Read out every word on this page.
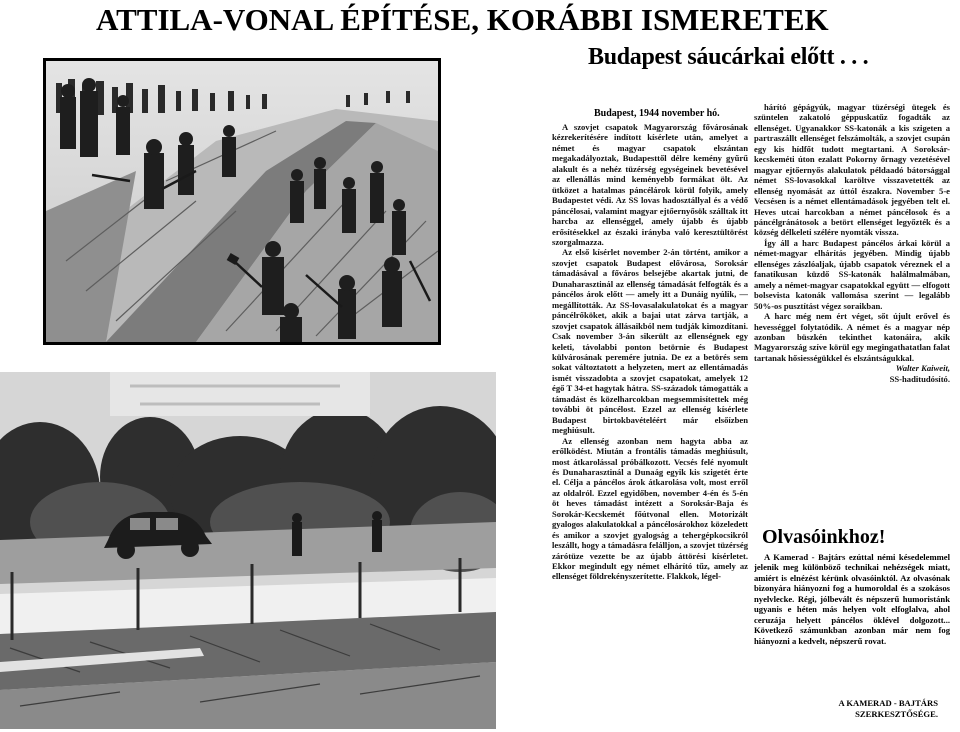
ATTILA-VONAL ÉPÍTÉSE, KORÁBBI ISMERETEK
Budapest sáucárkai előtt . . .
Budapest, 1944 november hó.

A szovjet csapatok Magyarország fővárosának kézrekerítésére indított kísérlete után, amelyet a német és magyar csapatok elszántan megakadályoztak, Budapesttől délre kemény gyűrű alakult és a nehéz tüzérség egységeinek bevetésével az ellenállás mind keményebb formákat ölt. Az ütközet a hatalmas páncélárok körül folyik, amely Budapestet védi. Az SS lovas hadosztállyal és a védő páncélosai, valamint magyar ejtőernyősök szálltak itt harcba az ellenséggel, amely újabb és újabb erősítésekkel az északi irányba való keresztültörést szorgalmazza.

Az első kísérlet november 2-án történt, amikor a szovjet csapatok Budapest elővárosa, Soroksár támadásával a főváros belsejébe akartak jutni, de Dunaharasztinál az ellenség támadását felfogták és a páncélos árok előtt — amely itt a Dunáig nyúlik, — megállították. Az SS-lovasalakulatokat és a magyar páncélrőköket, akik a bajai utat zárva tartják, a szovjet csapatok állásaikból nem tudják kimozdítani. Csak november 3-án sikerült az ellenségnek egy keleti, távolabbi ponton betörnie és Budapest külvárosának peremére jutnia. De ez a betörés sem sokat változtatott a helyzeten, mert az ellentámadás ismét visszadobta a szovjet csapatokat, amelyek 12 égő T 34-et hagytak hátra. SS-századok támogatták a támadást és közelharcokban megsemmisítettek még további öt páncélost. Ezzel az ellenség kísérlete Budapest birtokbavételéért már elsőízben meghiúsult.

Az ellenség azonban nem hagyta abba az erőlködést. Miután a frontális támadás meghiúsult, most átkarolással próbálkozott. Vecsés felé nyomult és Dunaharasztinál a Dunaág egyik kis szigetét érte el. Célja a páncélos árok átkarolása volt, most erről az oldalról. Ezzel egyidőben, november 4-én és 5-én öt heves támadást intézett a Soroksár-Baja és Sorokár-Kecskemét főútvonal ellen. Motorizált gyalogos alakulatokkal a páncélosárokhoz közeledett és amikor a szovjet gyalogság a tehergépkocsikról leszállt, hogy a támadásra felálljon, a szovjet tüzérség zárótüze vezette be az újabb áttörési kísérletet. Ekkor megindult egy német elhárító tűz, amely az ellenséget földrekényszerítette. Flakkok, légel-

hárító gépágyúk, magyar tüzérségi ütegek és szüntelen zakatoló géppuskatűz fogadták az ellenséget. Ugyanakkor SS-katonák a kis szigeten a partraszállt ellenséget felszámolták, a szovjet csupán egy kis hídfőt tudott megtartani. A Soroksár-kecskeméti úton ezalatt Pokorny őrnagy vezetésével magyar ejtőernyős alakulatok példaadó bátorsággal német SS-lovasokkal karöltve visszavetették az ellenség nyomását az úttól északra. November 5-e Vecsésen is a német ellentámadások jegyében telt el. Heves utcai harcokban a német páncélosok és a páncélgránátosok a betört ellenséget legyőzték és a község délkeleti szélére nyomták vissza.

Így áll a harc Budapest páncélos árkai körül a német-magyar elhárítás jegyében. Mindig újabb ellenséges zászlóaljak, újabb csapatok véreznek el a fanatikusan küzdő SS-katonák halálmalmában, amely a német-magyar csapatokkal együtt — elfogott bolsevista katonák vallomása szerint — legalább 50%-os pusztítást végez soraikban.

A harc még nem ért véget, sőt újult erővel és hevességgel folytatódik. A német és a magyar nép azonban büszkén tekinthet katonáira, akik Magyarország szíve körül egy megingathatatlan falat tartanak hősiességükkel és elszántságukkal.

Walter Kaiweit,
SS-haditudósító.
Olvasóinkhoz!

A Kamerad - Bajtárs ezúttal némi késedelemmel jelenik meg különböző technikai nehézségek miatt, amiért is elnézést kérünk olvasóinktól. Az olvasónak bizonyára hiányozni fog a humoroldal és a szokásos nyelvlecke. Régi, jólbevált és népszerű humoristánk ugyanis e héten más helyen volt elfoglalva, ahol ceruzája helyett páncélos öklével dolgozott... Következő számunkban azonban már nem fog hiányozni a kedvelt, népszerű rovat.

A KAMERAD - BAJTÁRS
SZERKESZTŐSÉGE.
